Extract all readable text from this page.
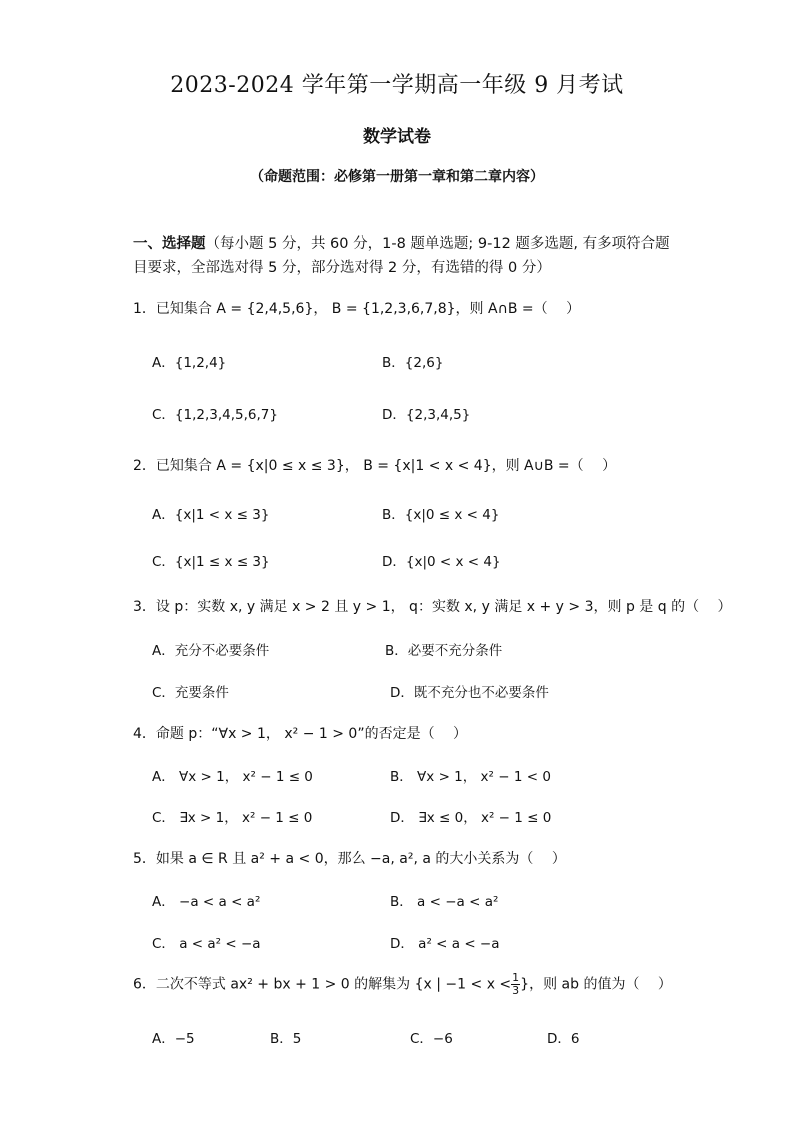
2023-2024 学年第一学期高一年级 9 月考试
数学试卷
（命题范围：必修第一册第一章和第二章内容）
一、选择题（每小题 5 分，共 60 分，1-8 题单选题; 9-12 题多选题, 有多项符合题目要求，全部选对得 5 分，部分选对得 2 分，有选错的得 0 分）
1．已知集合 A = {2,4,5,6}， B = {1,2,3,6,7,8}，则 A∩B =（　 ）
A．{1,2,4}	B．{2,6}
C．{1,2,3,4,5,6,7}	D．{2,3,4,5}
2．已知集合 A = {x|0 ≤ x ≤ 3}， B = {x|1 < x < 4}，则 A∪B =（　 ）
A．{x|1 < x ≤ 3}	B．{x|0 ≤ x < 4}
C．{x|1 ≤ x ≤ 3}	D．{x|0 < x < 4}
3．设 p：实数 x, y 满足 x > 2 且 y > 1， q：实数 x, y 满足 x + y > 3，则 p 是 q 的（　 ）
A．充分不必要条件	B．必要不充分条件
C．充要条件	D．既不充分也不必要条件
4．命题 p：“∀x > 1， x² − 1 > 0”的否定是（　 ）
A． ∀x > 1， x² − 1 ≤ 0	B． ∀x > 1， x² − 1 < 0
C． ∃x > 1， x² − 1 ≤ 0	D． ∃x ≤ 0， x² − 1 ≤ 0
5．如果 a ∈ R 且 a² + a < 0，那么 −a, a², a 的大小关系为（　 ）
A． −a < a < a²	B． a < −a < a²
C． a < a² < −a	D． a² < a < −a
6．二次不等式 ax² + bx + 1 > 0 的解集为 {x | $-1 < x < \frac{1}{3}$ }，则 ab 的值为（　 ）
A．−5	B．5	C．−6	D．6
